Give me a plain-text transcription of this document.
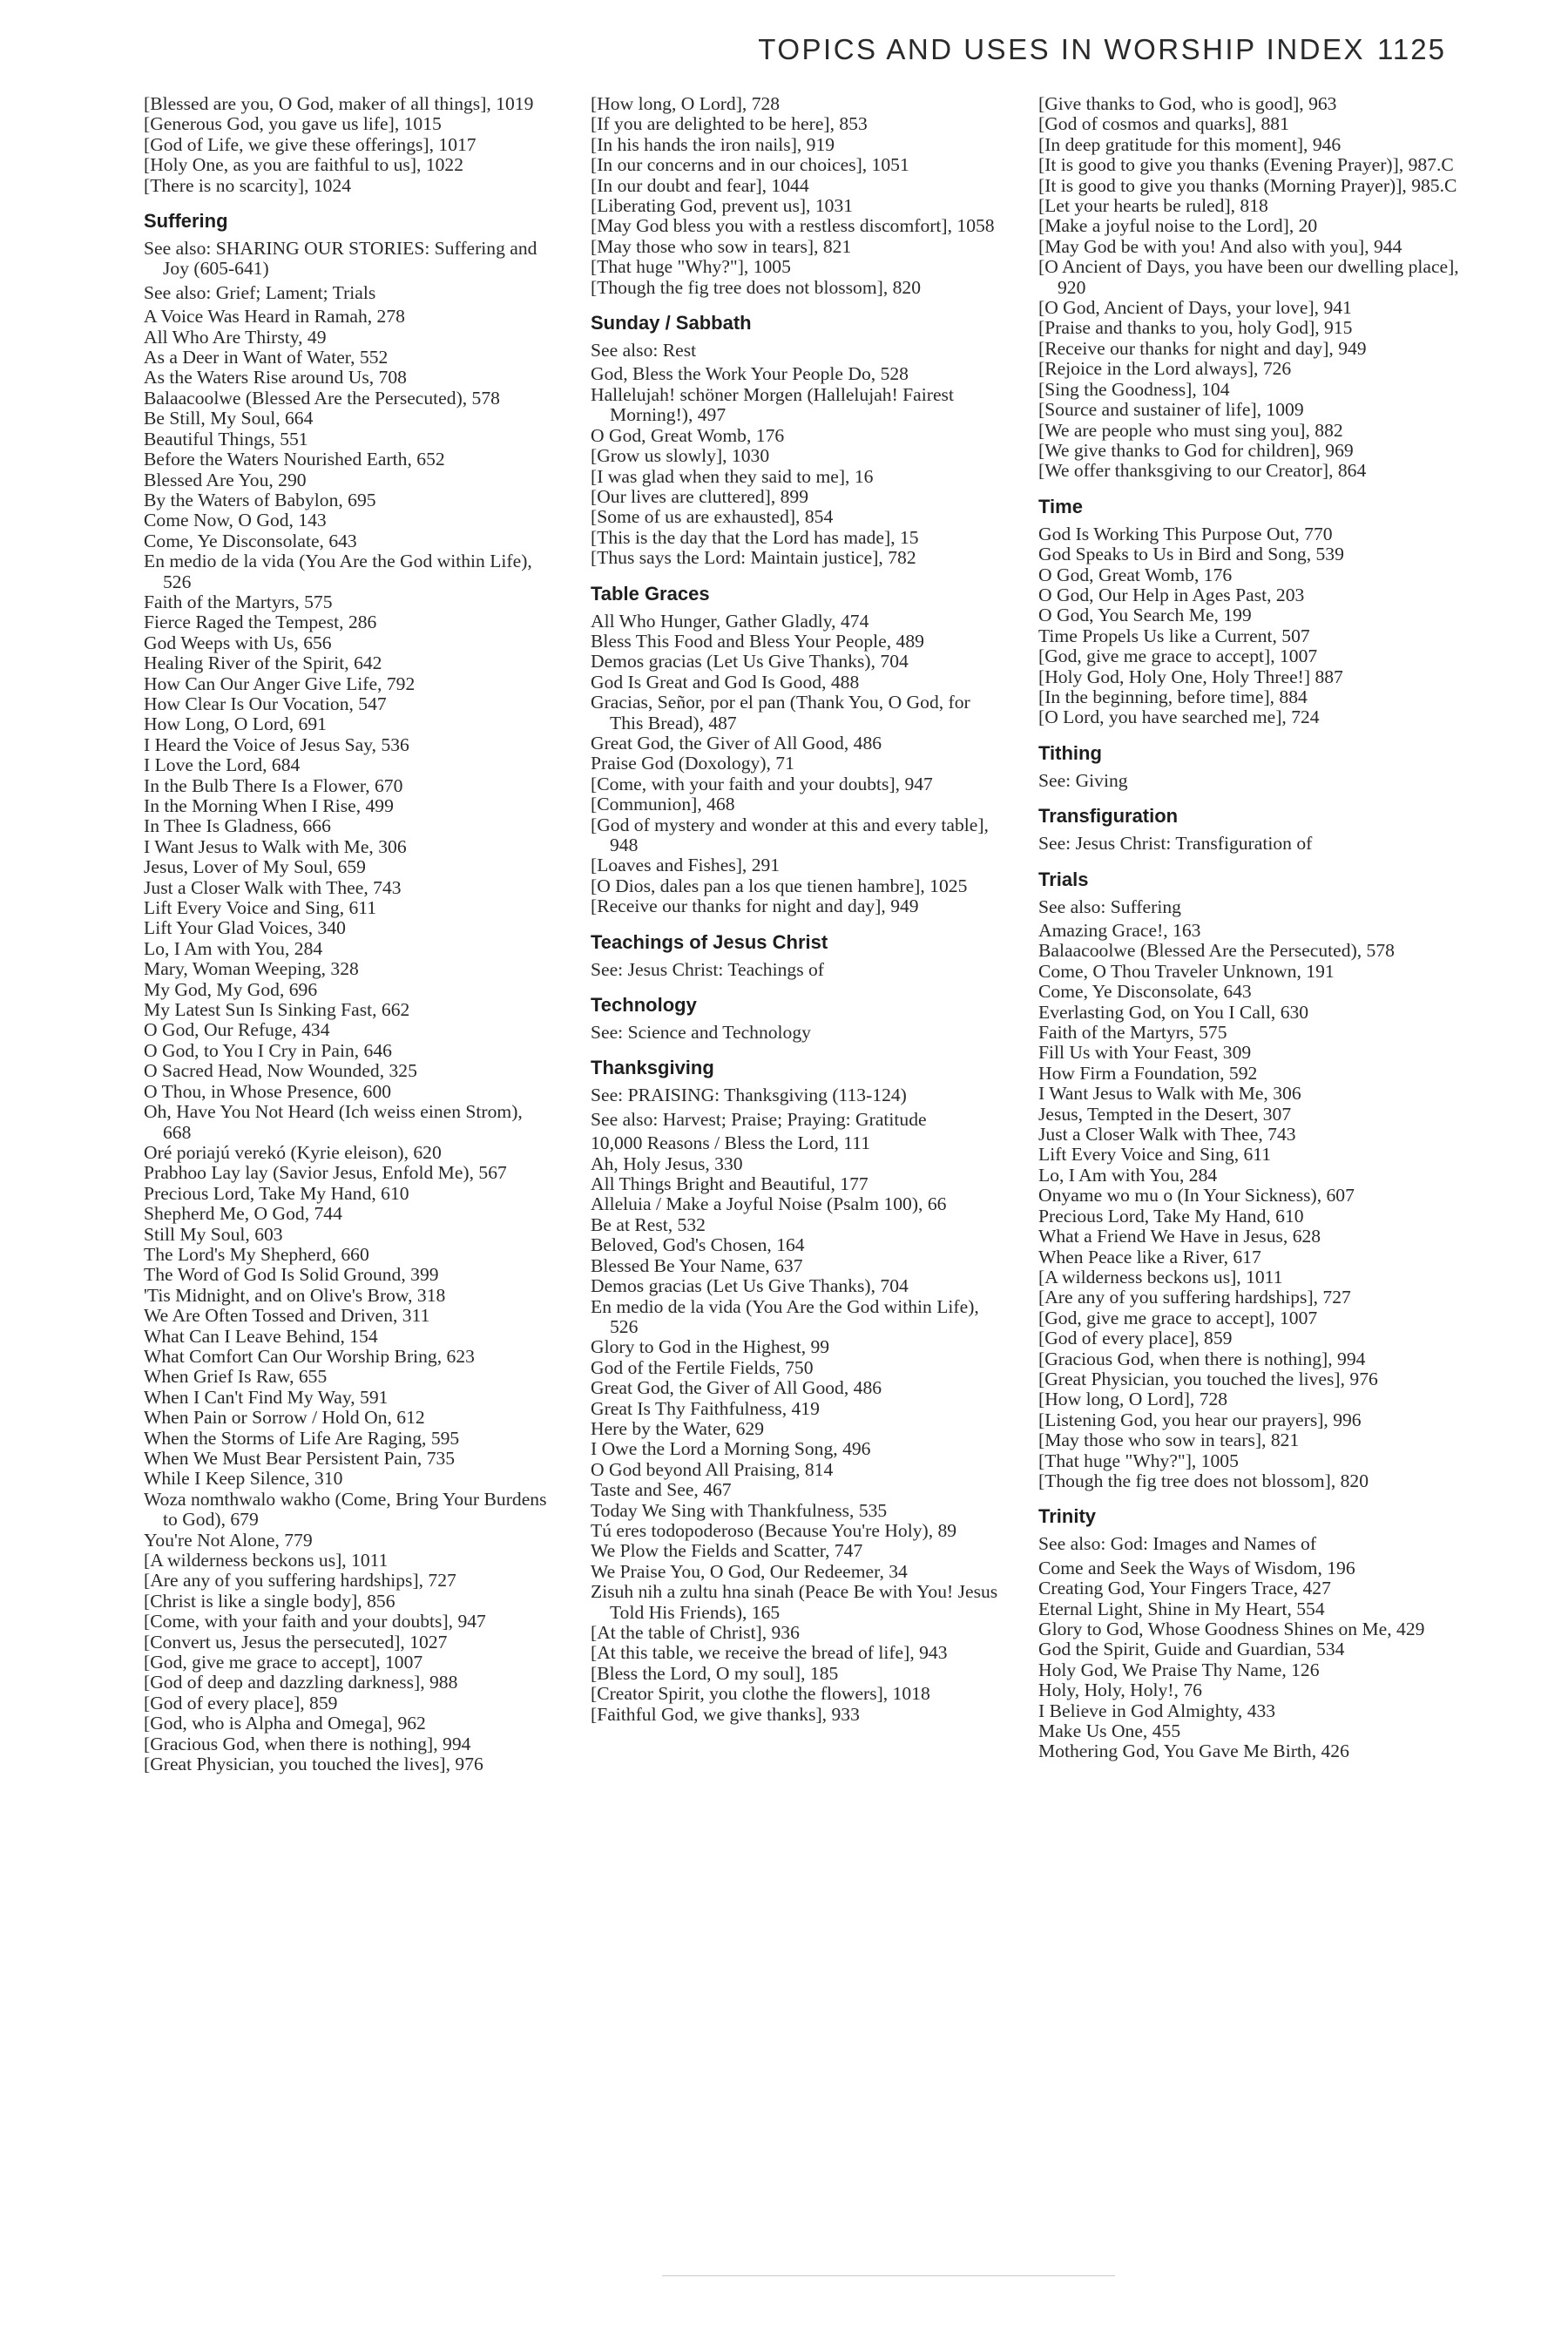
TOPICS AND USES IN WORSHIP INDEX 1125
[Blessed are you, O God, maker of all things], 1019
[Generous God, you gave us life], 1015
[God of Life, we give these offerings], 1017
[Holy One, as you are faithful to us], 1022
[There is no scarcity], 1024
Suffering
See also: SHARING OUR STORIES: Suffering and Joy (605-641)
See also: Grief; Lament; Trials
A Voice Was Heard in Ramah, 278
All Who Are Thirsty, 49
As a Deer in Want of Water, 552
As the Waters Rise around Us, 708
Balaacoolwe (Blessed Are the Persecuted), 578
Be Still, My Soul, 664
Beautiful Things, 551
Before the Waters Nourished Earth, 652
Blessed Are You, 290
By the Waters of Babylon, 695
Come Now, O God, 143
Come, Ye Disconsolate, 643
En medio de la vida (You Are the God within Life), 526
Faith of the Martyrs, 575
Fierce Raged the Tempest, 286
God Weeps with Us, 656
Healing River of the Spirit, 642
How Can Our Anger Give Life, 792
How Clear Is Our Vocation, 547
How Long, O Lord, 691
I Heard the Voice of Jesus Say, 536
I Love the Lord, 684
In the Bulb There Is a Flower, 670
In the Morning When I Rise, 499
In Thee Is Gladness, 666
I Want Jesus to Walk with Me, 306
Jesus, Lover of My Soul, 659
Just a Closer Walk with Thee, 743
Lift Every Voice and Sing, 611
Lift Your Glad Voices, 340
Lo, I Am with You, 284
Mary, Woman Weeping, 328
My God, My God, 696
My Latest Sun Is Sinking Fast, 662
O God, Our Refuge, 434
O God, to You I Cry in Pain, 646
O Sacred Head, Now Wounded, 325
O Thou, in Whose Presence, 600
Oh, Have You Not Heard (Ich weiss einen Strom), 668
Oré poriajú verekó (Kyrie eleison), 620
Prabhoo Lay lay (Savior Jesus, Enfold Me), 567
Precious Lord, Take My Hand, 610
Shepherd Me, O God, 744
Still My Soul, 603
The Lord's My Shepherd, 660
The Word of God Is Solid Ground, 399
'Tis Midnight, and on Olive's Brow, 318
We Are Often Tossed and Driven, 311
What Can I Leave Behind, 154
What Comfort Can Our Worship Bring, 623
When Grief Is Raw, 655
When I Can't Find My Way, 591
When Pain or Sorrow / Hold On, 612
When the Storms of Life Are Raging, 595
When We Must Bear Persistent Pain, 735
While I Keep Silence, 310
Woza nomthwalo wakho (Come, Bring Your Burdens to God), 679
You're Not Alone, 779
[A wilderness beckons us], 1011
[Are any of you suffering hardships], 727
[Christ is like a single body], 856
[Come, with your faith and your doubts], 947
[Convert us, Jesus the persecuted], 1027
[God, give me grace to accept], 1007
[God of deep and dazzling darkness], 988
[God of every place], 859
[God, who is Alpha and Omega], 962
[Gracious God, when there is nothing], 994
[Great Physician, you touched the lives], 976
[How long, O Lord], 728
[If you are delighted to be here], 853
[In his hands the iron nails], 919
[In our concerns and in our choices], 1051
[In our doubt and fear], 1044
[Liberating God, prevent us], 1031
[May God bless you with a restless discomfort], 1058
[May those who sow in tears], 821
[That huge "Why?"], 1005
[Though the fig tree does not blossom], 820
Sunday / Sabbath
See also: Rest
God, Bless the Work Your People Do, 528
Hallelujah! schöner Morgen (Hallelujah! Fairest Morning!), 497
O God, Great Womb, 176
[Grow us slowly], 1030
[I was glad when they said to me], 16
[Our lives are cluttered], 899
[Some of us are exhausted], 854
[This is the day that the Lord has made], 15
[Thus says the Lord: Maintain justice], 782
Table Graces
All Who Hunger, Gather Gladly, 474
Bless This Food and Bless Your People, 489
Demos gracias (Let Us Give Thanks), 704
God Is Great and God Is Good, 488
Gracias, Señor, por el pan (Thank You, O God, for This Bread), 487
Great God, the Giver of All Good, 486
Praise God (Doxology), 71
[Come, with your faith and your doubts], 947
[Communion], 468
[God of mystery and wonder at this and every table], 948
[Loaves and Fishes], 291
[O Dios, dales pan a los que tienen hambre], 1025
[Receive our thanks for night and day], 949
Teachings of Jesus Christ
See: Jesus Christ: Teachings of
Technology
See: Science and Technology
Thanksgiving
See: PRAISING: Thanksgiving (113-124)
See also: Harvest; Praise; Praying: Gratitude
10,000 Reasons / Bless the Lord, 111
Ah, Holy Jesus, 330
All Things Bright and Beautiful, 177
Alleluia / Make a Joyful Noise (Psalm 100), 66
Be at Rest, 532
Beloved, God's Chosen, 164
Blessed Be Your Name, 637
Demos gracias (Let Us Give Thanks), 704
En medio de la vida (You Are the God within Life), 526
Glory to God in the Highest, 99
God of the Fertile Fields, 750
Great God, the Giver of All Good, 486
Great Is Thy Faithfulness, 419
Here by the Water, 629
I Owe the Lord a Morning Song, 496
O God beyond All Praising, 814
Taste and See, 467
Today We Sing with Thankfulness, 535
Tú eres todopoderoso (Because You're Holy), 89
We Plow the Fields and Scatter, 747
We Praise You, O God, Our Redeemer, 34
Zisuh nih a zultu hna sinah (Peace Be with You! Jesus Told His Friends), 165
[At the table of Christ], 936
[At this table, we receive the bread of life], 943
[Bless the Lord, O my soul], 185
[Creator Spirit, you clothe the flowers], 1018
[Faithful God, we give thanks], 933
[Give thanks to God, who is good], 963
[God of cosmos and quarks], 881
[In deep gratitude for this moment], 946
[It is good to give you thanks (Evening Prayer)], 987.C
[It is good to give you thanks (Morning Prayer)], 985.C
[Let your hearts be ruled], 818
[Make a joyful noise to the Lord], 20
[May God be with you! And also with you], 944
[O Ancient of Days, you have been our dwelling place], 920
[O God, Ancient of Days, your love], 941
[Praise and thanks to you, holy God], 915
[Receive our thanks for night and day], 949
[Rejoice in the Lord always], 726
[Sing the Goodness], 104
[Source and sustainer of life], 1009
[We are people who must sing you], 882
[We give thanks to God for children], 969
[We offer thanksgiving to our Creator], 864
Time
God Is Working This Purpose Out, 770
God Speaks to Us in Bird and Song, 539
O God, Great Womb, 176
O God, Our Help in Ages Past, 203
O God, You Search Me, 199
Time Propels Us like a Current, 507
[God, give me grace to accept], 1007
[Holy God, Holy One, Holy Three!] 887
[In the beginning, before time], 884
[O Lord, you have searched me], 724
Tithing
See: Giving
Transfiguration
See: Jesus Christ: Transfiguration of
Trials
See also: Suffering
Amazing Grace!, 163
Balaacoolwe (Blessed Are the Persecuted), 578
Come, O Thou Traveler Unknown, 191
Come, Ye Disconsolate, 643
Everlasting God, on You I Call, 630
Faith of the Martyrs, 575
Fill Us with Your Feast, 309
How Firm a Foundation, 592
I Want Jesus to Walk with Me, 306
Jesus, Tempted in the Desert, 307
Just a Closer Walk with Thee, 743
Lift Every Voice and Sing, 611
Lo, I Am with You, 284
Onyame wo mu o (In Your Sickness), 607
Precious Lord, Take My Hand, 610
What a Friend We Have in Jesus, 628
When Peace like a River, 617
[A wilderness beckons us], 1011
[Are any of you suffering hardships], 727
[God, give me grace to accept], 1007
[God of every place], 859
[Gracious God, when there is nothing], 994
[Great Physician, you touched the lives], 976
[How long, O Lord], 728
[Listening God, you hear our prayers], 996
[May those who sow in tears], 821
[That huge "Why?"], 1005
[Though the fig tree does not blossom], 820
Trinity
See also: God: Images and Names of
Come and Seek the Ways of Wisdom, 196
Creating God, Your Fingers Trace, 427
Eternal Light, Shine in My Heart, 554
Glory to God, Whose Goodness Shines on Me, 429
God the Spirit, Guide and Guardian, 534
Holy God, We Praise Thy Name, 126
Holy, Holy, Holy!, 76
I Believe in God Almighty, 433
Make Us One, 455
Mothering God, You Gave Me Birth, 426
